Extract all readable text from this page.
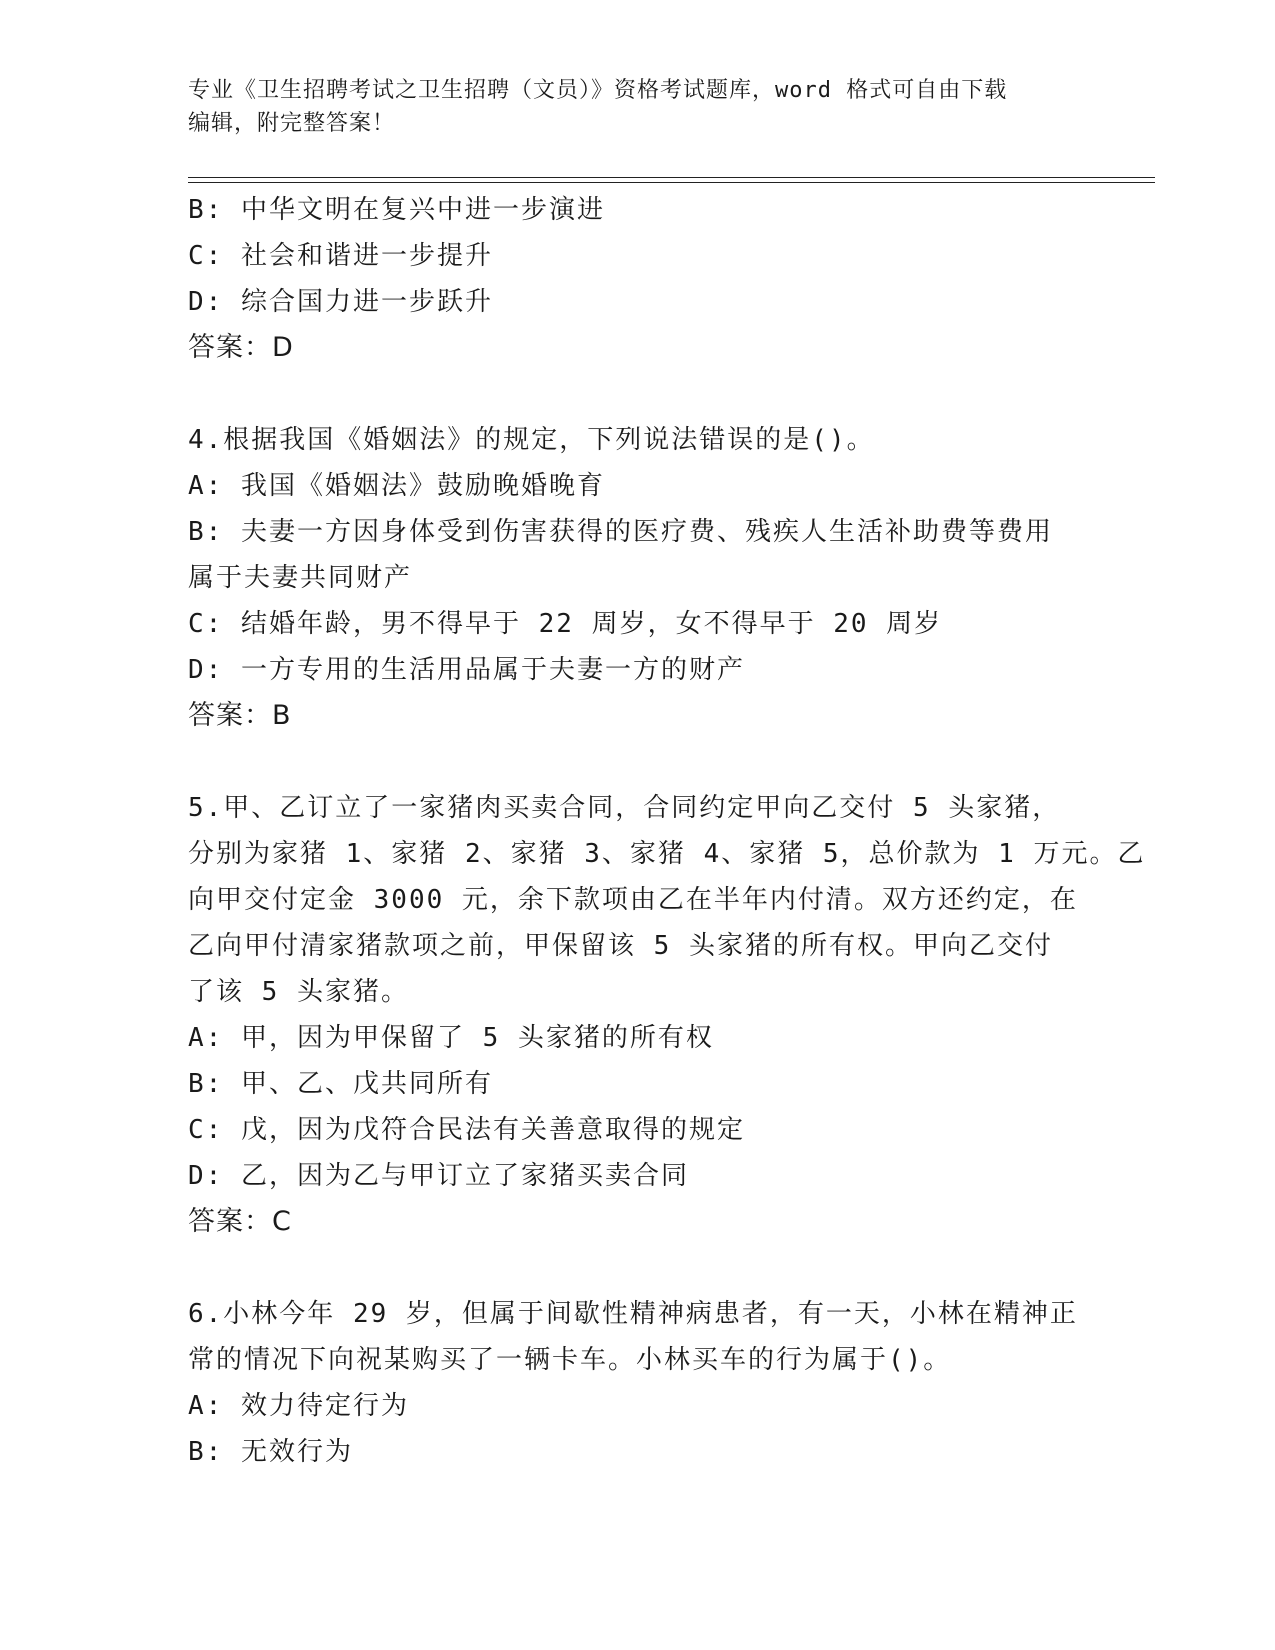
专业《卫生招聘考试之卫生招聘（文员）》资格考试题库，word 格式可自由下载
编辑，附完整答案！
B: 中华文明在复兴中进一步演进
C: 社会和谐进一步提升
D: 综合国力进一步跃升
答案：D
4.根据我国《婚姻法》的规定，下列说法错误的是()。
A: 我国《婚姻法》鼓励晚婚晚育
B: 夫妻一方因身体受到伤害获得的医疗费、残疾人生活补助费等费用
属于夫妻共同财产
C: 结婚年龄，男不得早于 22 周岁，女不得早于 20 周岁
D: 一方专用的生活用品属于夫妻一方的财产
答案：B
5.甲、乙订立了一家猪肉买卖合同，合同约定甲向乙交付 5 头家猪，
分别为家猪 1、家猪 2、家猪 3、家猪 4、家猪 5，总价款为 1 万元。乙
向甲交付定金 3000 元，余下款项由乙在半年内付清。双方还约定，在
乙向甲付清家猪款项之前，甲保留该 5 头家猪的所有权。甲向乙交付
了该 5 头家猪。
A: 甲，因为甲保留了 5 头家猪的所有权
B: 甲、乙、戊共同所有
C: 戊，因为戊符合民法有关善意取得的规定
D: 乙，因为乙与甲订立了家猪买卖合同
答案：C
6.小林今年 29 岁，但属于间歇性精神病患者，有一天，小林在精神正
常的情况下向祝某购买了一辆卡车。小林买车的行为属于()。
A: 效力待定行为
B: 无效行为
